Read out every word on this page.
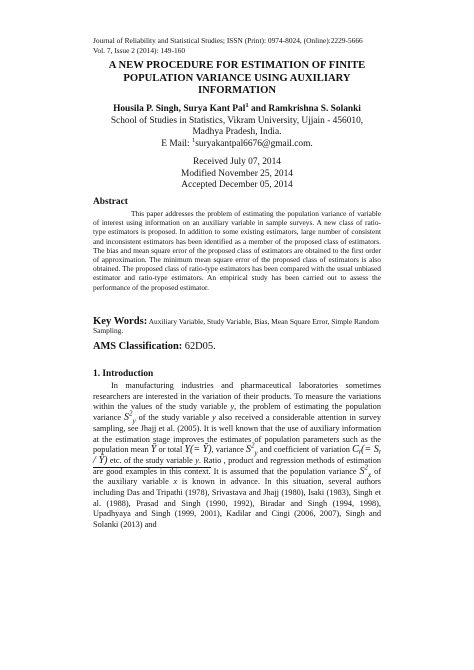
Journal of Reliability and Statistical Studies; ISSN (Print): 0974-8024, (Online):2229-5666
Vol. 7, Issue 2 (2014): 149-160
A NEW PROCEDURE FOR ESTIMATION OF FINITE
POPULATION VARIANCE USING AUXILIARY
INFORMATION
Housila P. Singh, Surya Kant Pal$^1$ and Ramkrishna S. Solanki
School of Studies in Statistics, Vikram University, Ujjain - 456010,
Madhya Pradesh, India.
E Mail: $^1$suryakantpal6676@gmail.com.
Received July 07, 2014
Modified November 25, 2014
Accepted December 05, 2014
Abstract
This paper addresses the problem of estimating the population variance of variable of interest using information on an auxiliary variable in sample surveys. A new class of ratio-type estimators is proposed. In addition to some existing estimators, large number of consistent and inconsistent estimators has been identified as a member of the proposed class of estimators. The bias and mean square error of the proposed class of estimators are obtained to the first order of approximation. The minimum mean square error of the proposed class of estimators is also obtained. The proposed class of ratio-type estimators has been compared with the usual unbiased estimator and ratio-type estimators. An empirical study has been carried out to assess the performance of the proposed estimator.
Key Words: Auxiliary Variable, Study Variable, Bias, Mean Square Error, Simple Random Sampling.
AMS Classification: 62D05.
1. Introduction

In manufacturing industries and pharmaceutical laboratories sometimes researchers are interested in the variation of their products. To measure the variations within the values of the study variable y, the problem of estimating the population variance $S^2_y$ of the study variable y also received a considerable attention in survey sampling, see Jhajj et al. (2005). It is well known that the use of auxiliary information at the estimation stage improves the estimates of population parameters such as the population mean Ȳ or total Y(= Ȳ), variance $S^2_y$ and coefficient of variation Cᵧ(= Sᵧ / Ȳ) etc. of the study variable y. Ratio , product and regression methods of estimation are good examples in this context. It is assumed that the population variance $S^2_x$ of the auxiliary variable x is known in advance. In this situation, several authors including Das and Tripathi (1978), Srivastava and Jhajj (1980), Isaki (1983), Singh et al. (1988), Prasad and Singh (1990, 1992), Biradar and Singh (1994, 1998), Upadhyaya and Singh (1999, 2001), Kadilar and Cingi (2006, 2007), Singh and Solanki (2013) and
